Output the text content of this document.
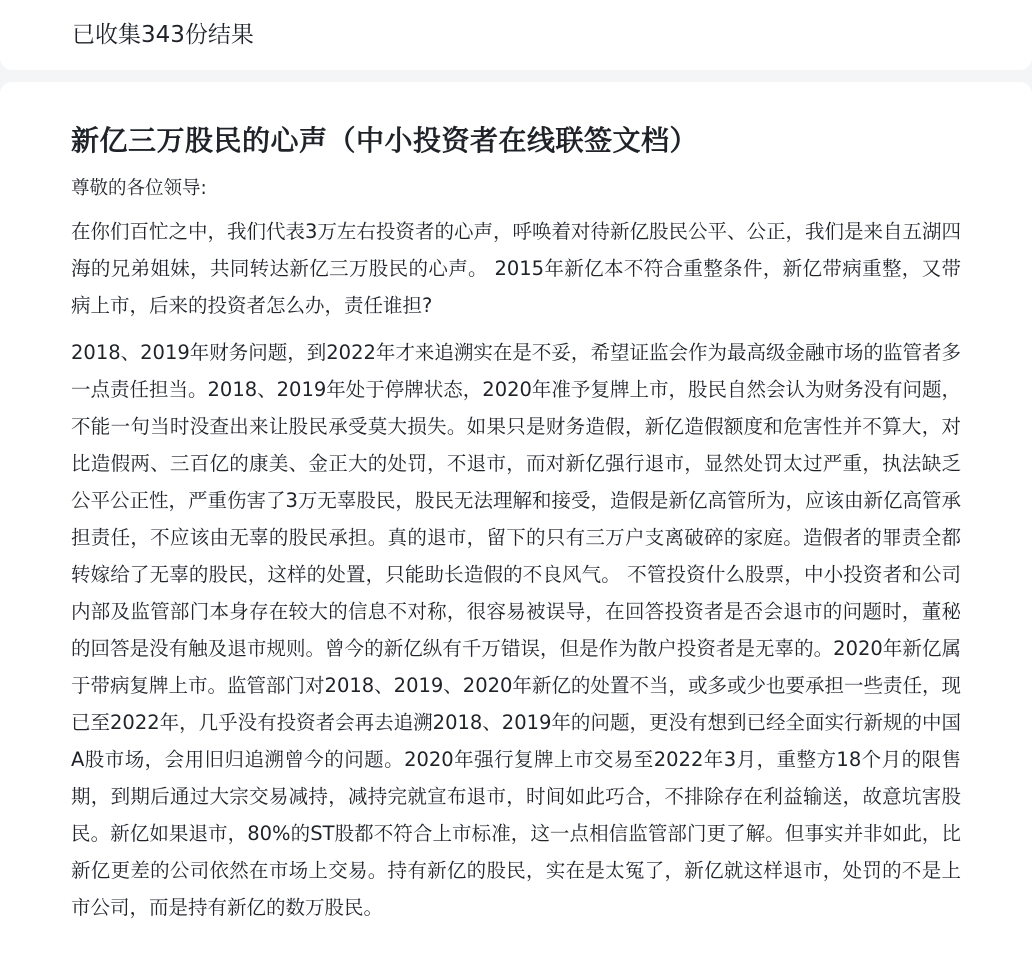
已收集343份结果
新亿三万股民的心声（中小投资者在线联签文档）
尊敬的各位领导:

在你们百忙之中，我们代表3万左右投资者的心声，呼唤着对待新亿股民公平、公正，我们是来自五湖四海的兄弟姐妹，共同转达新亿三万股民的心声。 2015年新亿本不符合重整条件，新亿带病重整，又带病上市，后来的投资者怎么办，责任谁担?

2018、2019年财务问题，到2022年才来追溯实在是不妥，希望证监会作为最高级金融市场的监管者多一点责任担当。2018、2019年处于停牌状态，2020年准予复牌上市，股民自然会认为财务没有问题，不能一句当时没查出来让股民承受莫大损失。如果只是财务造假，新亿造假额度和危害性并不算大，对比造假两、三百亿的康美、金正大的处罚，不退市，而对新亿强行退市，显然处罚太过严重，执法缺乏公平公正性，严重伤害了3万无辜股民，股民无法理解和接受，造假是新亿高管所为，应该由新亿高管承担责任，不应该由无辜的股民承担。真的退市，留下的只有三万户支离破碎的家庭。造假者的罪责全都转嫁给了无辜的股民，这样的处置，只能助长造假的不良风气。 不管投资什么股票，中小投资者和公司内部及监管部门本身存在较大的信息不对称，很容易被误导，在回答投资者是否会退市的问题时，董秘的回答是没有触及退市规则。曾今的新亿纵有千万错误，但是作为散户投资者是无辜的。2020年新亿属于带病复牌上市。监管部门对2018、2019、2020年新亿的处置不当，或多或少也要承担一些责任，现已至2022年，几乎没有投资者会再去追溯2018、2019年的问题，更没有想到已经全面实行新规的中国A股市场，会用旧归追溯曾今的问题。2020年强行复牌上市交易至2022年3月，重整方18个月的限售期，到期后通过大宗交易减持，减持完就宣布退市，时间如此巧合，不排除存在利益输送，故意坑害股民。新亿如果退市，80%的ST股都不符合上市标准，这一点相信监管部门更了解。但事实并非如此，比新亿更差的公司依然在市场上交易。持有新亿的股民，实在是太冤了，新亿就这样退市，处罚的不是上市公司，而是持有新亿的数万股民。
